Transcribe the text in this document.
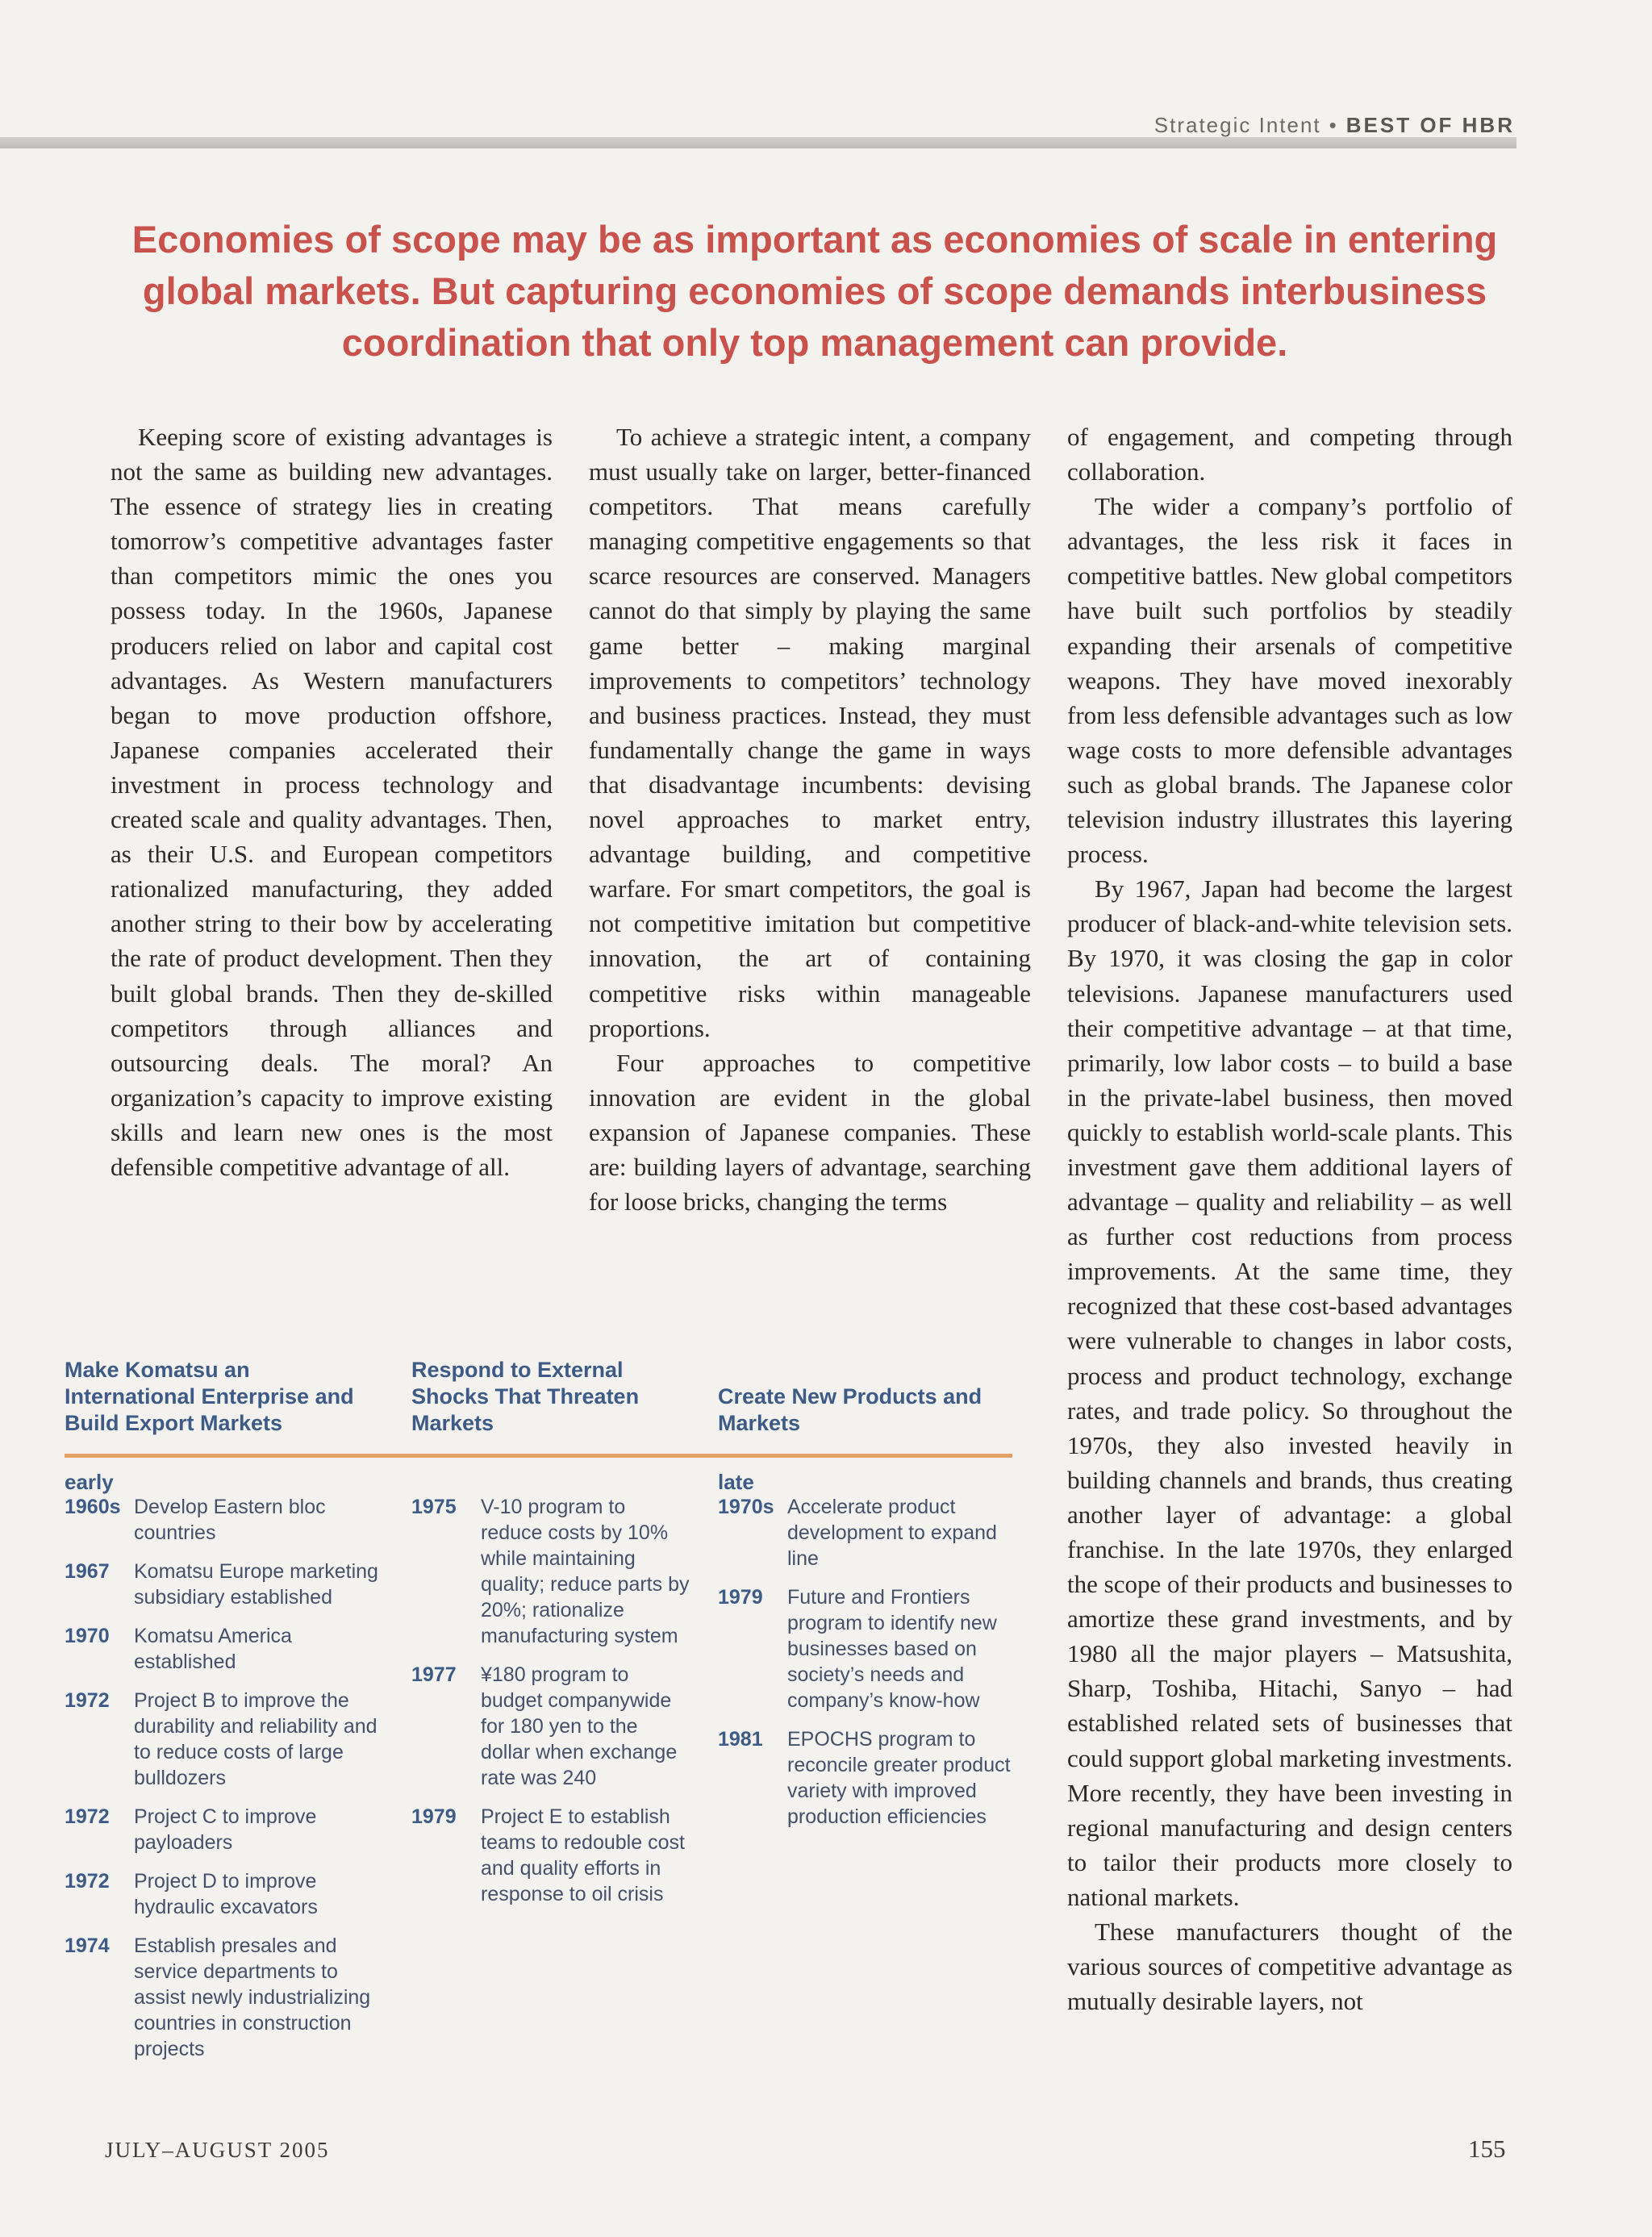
Strategic Intent • BEST OF HBR

Economies of scope may be as important as economies of scale in entering global markets. But capturing economies of scope demands interbusiness coordination that only top management can provide.

Keeping score of existing advantages is not the same as building new advantages. The essence of strategy lies in creating tomorrow’s competitive advantages faster than competitors mimic the ones you possess today. In the 1960s, Japanese producers relied on labor and capital cost advantages. As Western manufacturers began to move production offshore, Japanese companies accelerated their investment in process technology and created scale and quality advantages. Then, as their U.S. and European competitors rationalized manufacturing, they added another string to their bow by accelerating the rate of product development. Then they built global brands. Then they de-skilled competitors through alliances and outsourcing deals. The moral? An organization’s capacity to improve existing skills and learn new ones is the most defensible competitive advantage of all.

To achieve a strategic intent, a company must usually take on larger, better-financed competitors. That means carefully managing competitive engagements so that scarce resources are conserved. Managers cannot do that simply by playing the same game better – making marginal improvements to competitors’ technology and business practices. Instead, they must fundamentally change the game in ways that disadvantage incumbents: devising novel approaches to market entry, advantage building, and competitive warfare. For smart competitors, the goal is not competitive imitation but competitive innovation, the art of containing competitive risks within manageable proportions.

Four approaches to competitive innovation are evident in the global expansion of Japanese companies. These are: building layers of advantage, searching for loose bricks, changing the terms

of engagement, and competing through collaboration.

The wider a company’s portfolio of advantages, the less risk it faces in competitive battles. New global competitors have built such portfolios by steadily expanding their arsenals of competitive weapons. They have moved inexorably from less defensible advantages such as low wage costs to more defensible advantages such as global brands. The Japanese color television industry illustrates this layering process.

By 1967, Japan had become the largest producer of black-and-white television sets. By 1970, it was closing the gap in color televisions. Japanese manufacturers used their competitive advantage – at that time, primarily, low labor costs – to build a base in the private-label business, then moved quickly to establish world-scale plants. This investment gave them additional layers of advantage – quality and reliability – as well as further cost reductions from process improvements. At the same time, they recognized that these cost-based advantages were vulnerable to changes in labor costs, process and product technology, exchange rates, and trade policy. So throughout the 1970s, they also invested heavily in building channels and brands, thus creating another layer of advantage: a global franchise. In the late 1970s, they enlarged the scope of their products and businesses to amortize these grand investments, and by 1980 all the major players – Matsushita, Sharp, Toshiba, Hitachi, Sanyo – had established related sets of businesses that could support global marketing investments. More recently, they have been investing in regional manufacturing and design centers to tailor their products more closely to national markets.

These manufacturers thought of the various sources of competitive advantage as mutually desirable layers, not

Make Komatsu an International Enterprise and Build Export Markets
Respond to External Shocks That Threaten Markets
Create New Products and Markets
early
1960s Develop Eastern bloc countries
1967	Komatsu Europe marketing subsidiary established
1970	Komatsu America established
1972	Project B to improve the durability and reliability and to reduce costs of large bulldozers
1972	Project C to improve payloaders
1972	Project D to improve hydraulic excavators
1974	Establish presales and service departments to assist newly industrializing countries in construction projects
1975	V-10 program to reduce costs by 10% while maintaining quality; reduce parts by 20%; rationalize manufacturing system
1977	¥180 program to budget companywide for 180 yen to the dollar when exchange rate was 240
1979	Project E to establish teams to redouble cost and quality efforts in response to oil crisis
late
1970s Accelerate product development to expand line
1979	Future and Frontiers program to identify new businesses based on society’s needs and company’s know-how
1981	EPOCHS program to reconcile greater product variety with improved production efficiencies
JULY–AUGUST 2005	155
